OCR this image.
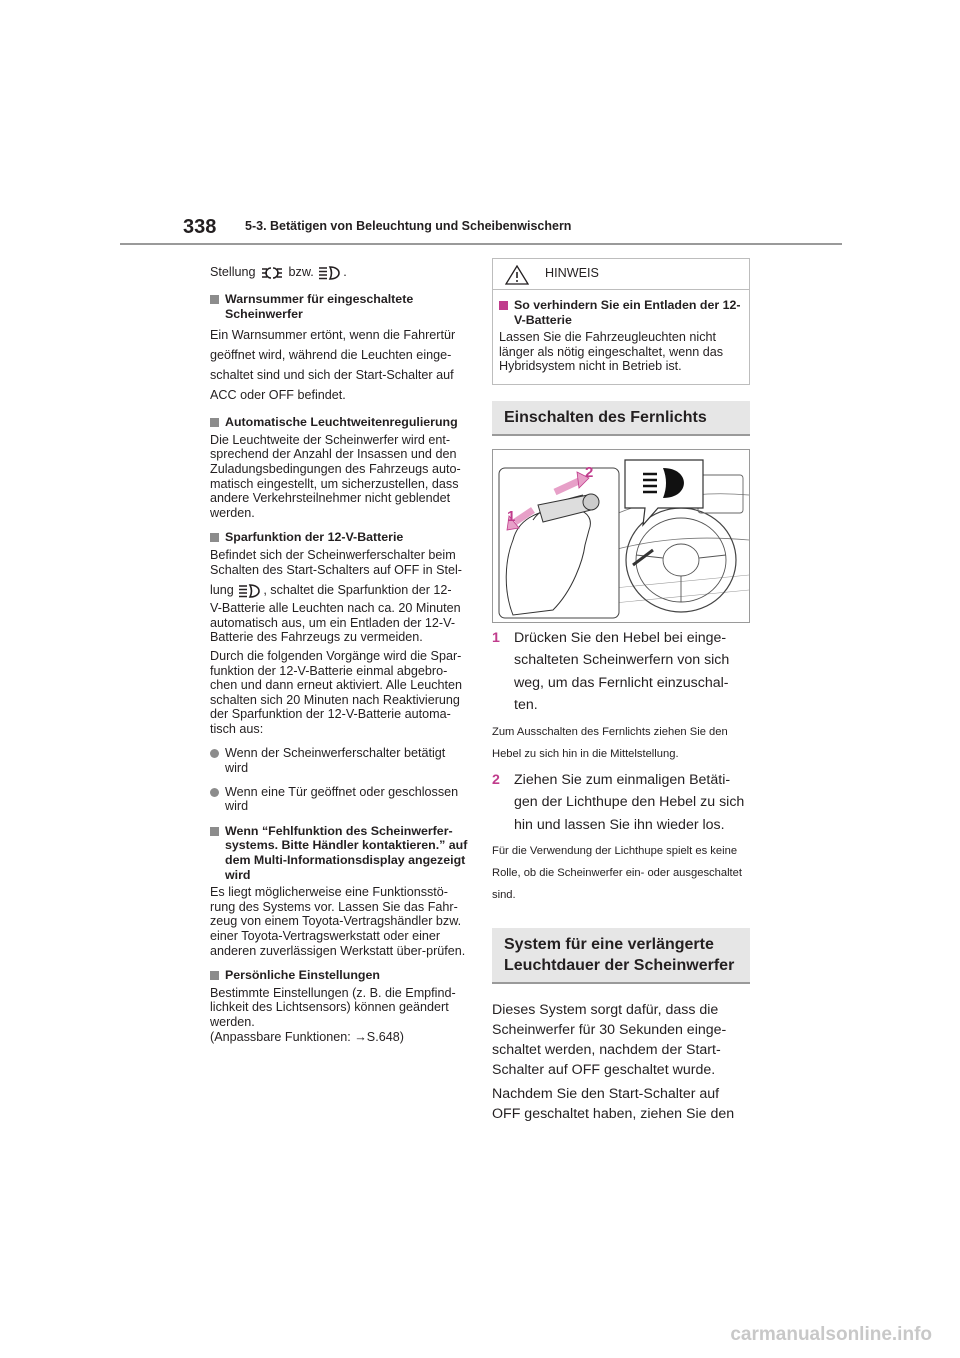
338 5-3. Betätigen von Beleuchtung und Scheibenwischern

Stellung	bzw. .

Warnsummer für eingeschaltete Scheinwerfer

Ein Warnsummer ertönt, wenn die Fahrertür geöffnet wird, während die Leuchten einge-schaltet sind und sich der Start-Schalter auf ACC oder OFF befindet.

Automatische Leuchtweitenregulierung

Die Leuchtweite der Scheinwerfer wird ent-sprechend der Anzahl der Insassen und den Zuladungsbedingungen des Fahrzeugs auto-matisch eingestellt, um sicherzustellen, dass andere Verkehrsteilnehmer nicht geblendet werden.

Sparfunktion der 12-V-Batterie

Befindet sich der Scheinwerferschalter beim Schalten des Start-Schalters auf OFF in Stel-

lung , schaltet die Sparfunktion der 12-

V-Batterie alle Leuchten nach ca. 20 Minuten automatisch aus, um ein Entladen der 12-V-Batterie des Fahrzeugs zu vermeiden.

Durch die folgenden Vorgänge wird die Spar-funktion der 12-V-Batterie einmal abgebro-chen und dann erneut aktiviert. Alle Leuchten schalten sich 20 Minuten nach Reaktivierung der Sparfunktion der 12-V-Batterie automa-tisch aus:

Wenn der Scheinwerferschalter betätigt wird
Wenn eine Tür geöffnet oder geschlossen wird
Wenn “Fehlfunktion des Scheinwerfer-systems. Bitte Händler kontaktieren.” auf dem Multi-Informationsdisplay angezeigt wird

Es liegt möglicherweise eine Funktionsstö-rung des Systems vor. Lassen Sie das Fahr-zeug von einem Toyota-Vertragshändler bzw. einer Toyota-Vertragswerkstatt oder einer anderen zuverlässigen Werkstatt über-prüfen.

Persönliche Einstellungen

Bestimmte Einstellungen (z. B. die Empfind-lichkeit des Lichtsensors) können geändert werden.

(Anpassbare Funktionen: →S.648)

HINWEIS
So verhindern Sie ein Entladen der 12-V-Batterie

Lassen Sie die Fahrzeugleuchten nicht länger als nötig eingeschaltet, wenn das Hybridsystem nicht in Betrieb ist.

Einschalten des Fernlichts
2
1
1 Drücken Sie den Hebel bei einge-schalteten Scheinwerfern von sich weg, um das Fernlicht einzuschal-ten.

Zum Ausschalten des Fernlichts ziehen Sie den Hebel zu sich hin in die Mittelstellung.

2 Ziehen Sie zum einmaligen Betäti-gen der Lichthupe den Hebel zu sich hin und lassen Sie ihn wieder los.

Für die Verwendung der Lichthupe spielt es keine Rolle, ob die Scheinwerfer ein- oder ausgeschaltet sind.

System für eine verlängerte
Leuchtdauer der Scheinwerfer

Dieses System sorgt dafür, dass die Scheinwerfer für 30 Sekunden einge-schaltet werden, nachdem der Start-Schalter auf OFF geschaltet wurde.

Nachdem Sie den Start-Schalter auf OFF geschaltet haben, ziehen Sie den

carmanualsonline.info
